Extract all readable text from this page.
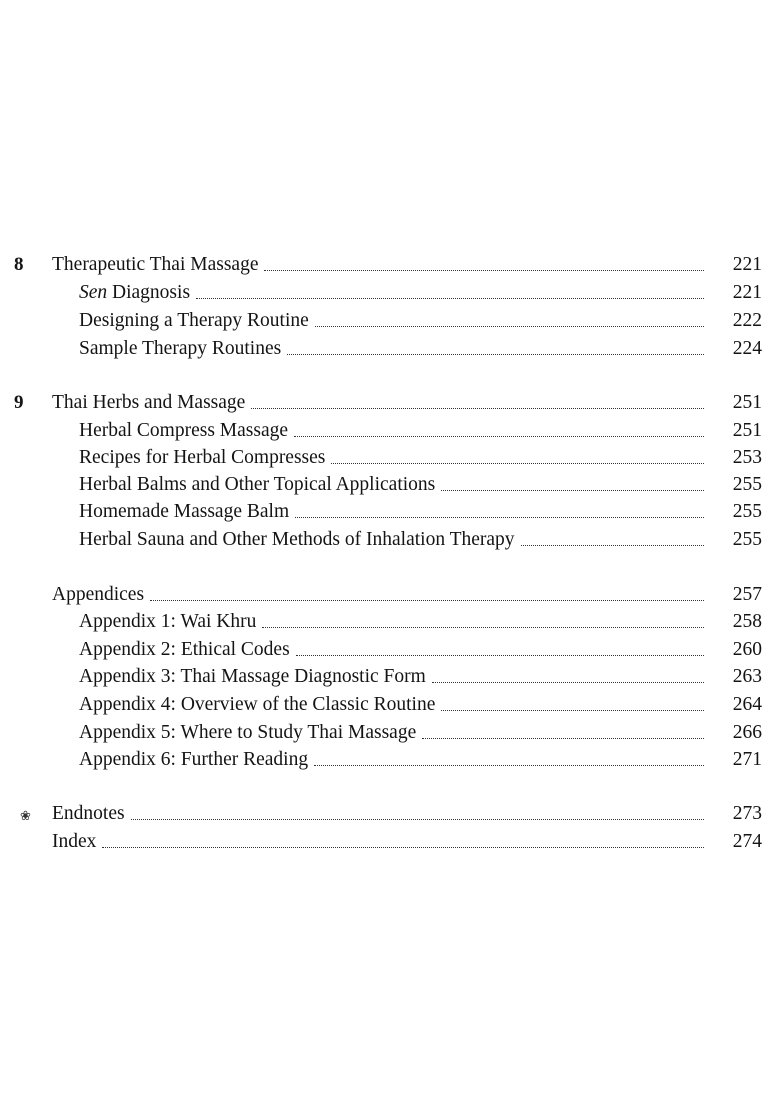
8 Therapeutic Thai Massage	221
Sen Diagnosis	221
Designing a Therapy Routine	222
Sample Therapy Routines	224
9 Thai Herbs and Massage	251
Herbal Compress Massage	251
Recipes for Herbal Compresses	253
Herbal Balms and Other Topical Applications	255
Homemade Massage Balm	255
Herbal Sauna and Other Methods of Inhalation Therapy	255
Appendices	257
Appendix 1: Wai Khru	258
Appendix 2: Ethical Codes	260
Appendix 3: Thai Massage Diagnostic Form	263
Appendix 4: Overview of the Classic Routine	264
Appendix 5: Where to Study Thai Massage	266
Appendix 6: Further Reading	271
Endnotes	273
Index	274
❀
